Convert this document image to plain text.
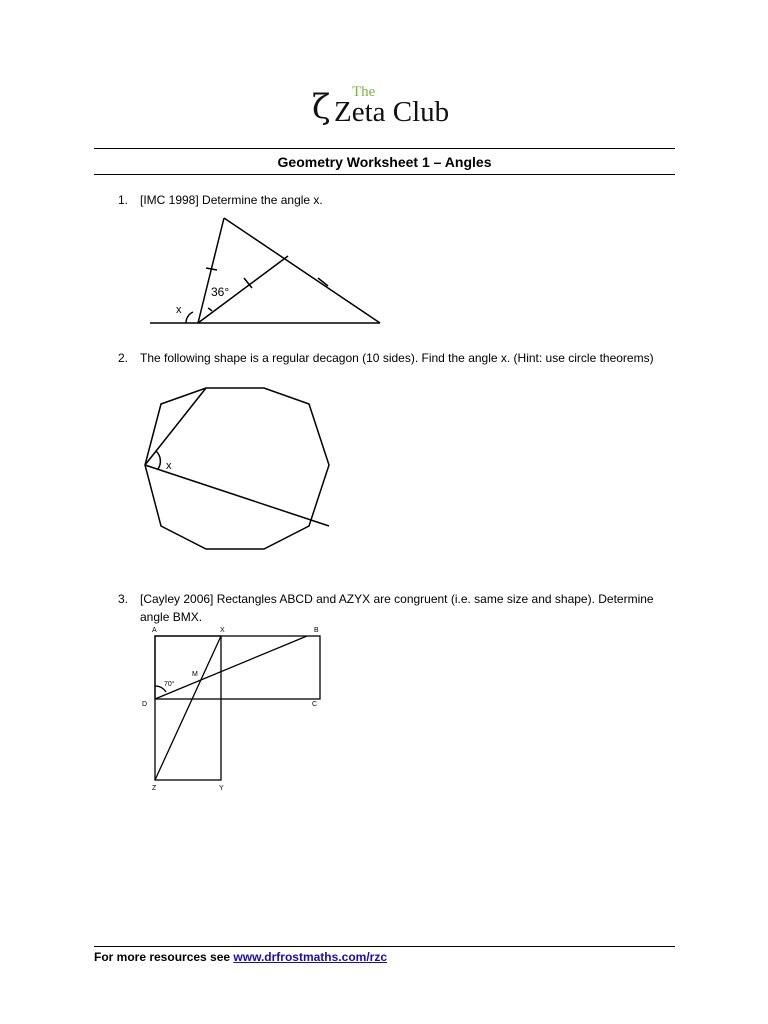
ζ The
Zeta Club
Geometry Worksheet 1 – Angles
1. [IMC 1998] Determine the angle x.
x
36°
2. The following shape is a regular decagon (10 sides). Find the angle x. (Hint: use circle theorems)
x
3. [Cayley 2006] Rectangles ABCD and AZYX are congruent (i.e. same size and shape). Determine angle BMX.
A	X	B
M
D	C
Z	Y
70°
For more resources see www.drfrostmaths.com/rzc
